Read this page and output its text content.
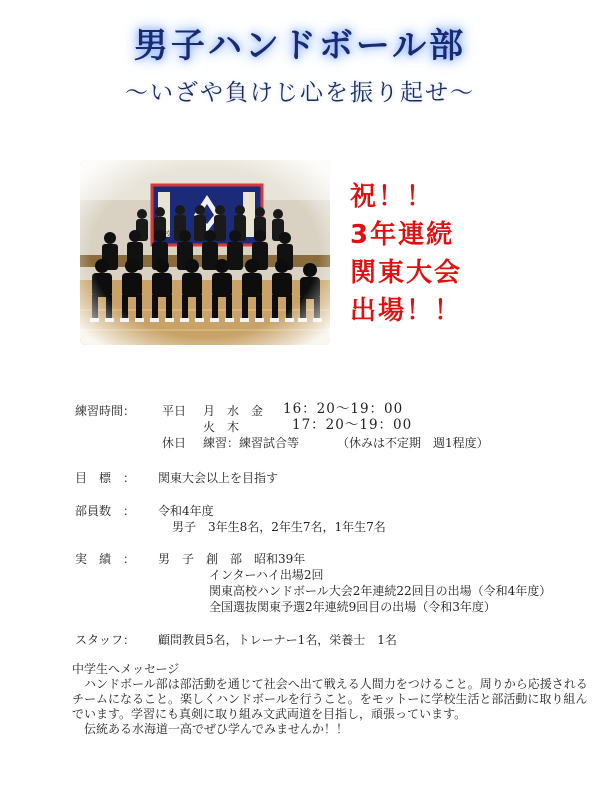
男子ハンドボール部
〜いざや負けじ心を振り起せ〜
祝！！
3年連続
関東大会
出場！！
練習時間： 平日 月　水　金 16：20〜19：00
火　木	17：20〜19：00
休日 練習：練習試合等	（休みは不定期　週1程度）
目　標　： 関東大会以上を目指す
部員数　： 令和4年度
男子　3年生8名，2年生7名，1年生7名
実　績　： 男　子　創　部　昭和39年
インターハイ出場2回
関東高校ハンドボール大会2年連続22回目の出場（令和4年度）
全国選抜関東予選2年連続9回目の出場（令和3年度）
スタッフ： 顧問教員5名，トレーナー1名，栄養士　1名

中学生へメッセージ

　ハンドボール部は部活動を通じて社会へ出て戦える人間力をつけること。周りから応援されるチームになること。楽しくハンドボールを行うこと。をモットーに学校生活と部活動に取り組んでいます。学習にも真剣に取り組み文武両道を目指し，頑張っています。

　伝統ある水海道一高でぜひ学んでみませんか！！
